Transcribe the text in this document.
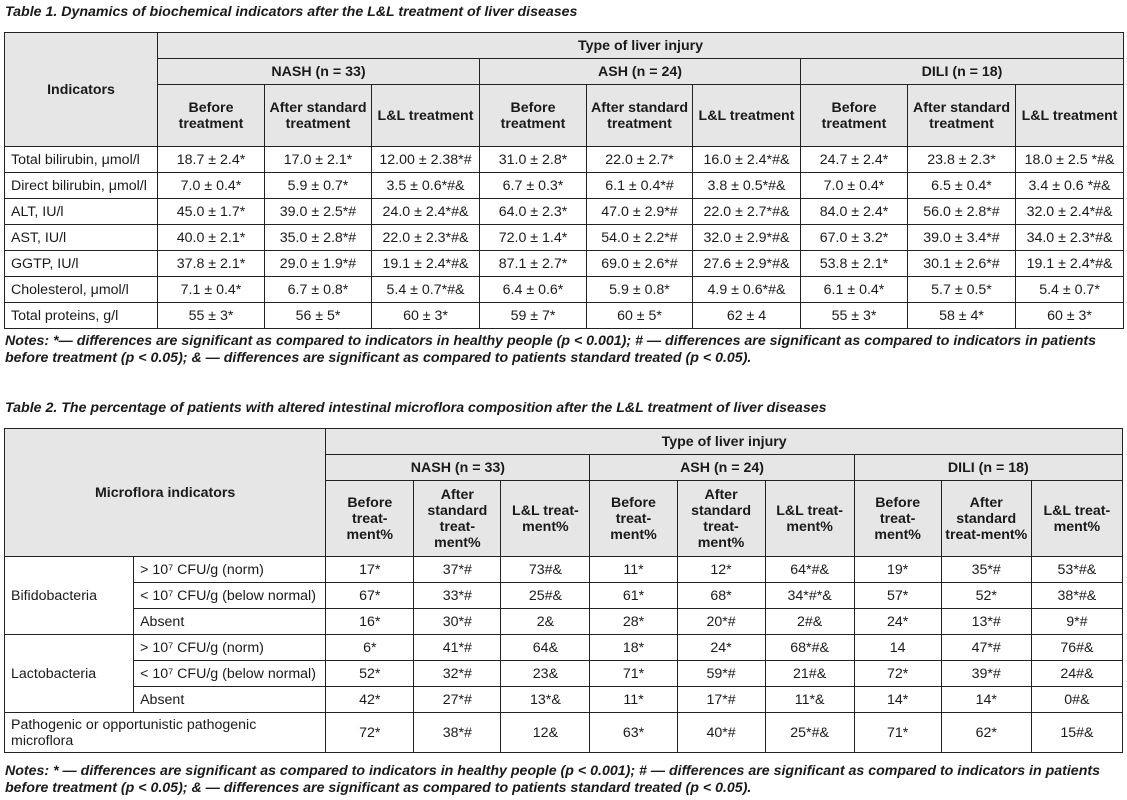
Table 1. Dynamics of biochemical indicators after the L&L treatment of liver diseases
Indicators	Type of liver injury								
	NASH (n = 33)			ASH (n = 24)			DILI (n = 18)		
	Before treatment	After standard treatment	L&L treatment	Before treatment	After standard treatment	L&L treatment	Before treatment	After standard treatment	L&L treatment
Total bilirubin, μmol/l	18.7 ± 2.4*	17.0 ± 2.1*	12.00 ± 2.38*#	31.0 ± 2.8*	22.0 ± 2.7*	16.0 ± 2.4*#&	24.7 ± 2.4*	23.8 ± 2.3*	18.0 ± 2.5 *#&
Direct bilirubin, μmol/l	7.0 ± 0.4*	5.9 ± 0.7*	3.5 ± 0.6*#&	6.7 ± 0.3*	6.1 ± 0.4*#	3.8 ± 0.5*#&	7.0 ± 0.4*	6.5 ± 0.4*	3.4 ± 0.6 *#&
ALT, IU/l	45.0 ± 1.7*	39.0 ± 2.5*#	24.0 ± 2.4*#&	64.0 ± 2.3*	47.0 ± 2.9*#	22.0 ± 2.7*#&	84.0 ± 2.4*	56.0 ± 2.8*#	32.0 ± 2.4*#&
AST, IU/l	40.0 ± 2.1*	35.0 ± 2.8*#	22.0 ± 2.3*#&	72.0 ± 1.4*	54.0 ± 2.2*#	32.0 ± 2.9*#&	67.0 ± 3.2*	39.0 ± 3.4*#	34.0 ± 2.3*#&
GGTP, IU/l	37.8 ± 2.1*	29.0 ± 1.9*#	19.1 ± 2.4*#&	87.1 ± 2.7*	69.0 ± 2.6*#	27.6 ± 2.9*#&	53.8 ± 2.1*	30.1 ± 2.6*#	19.1 ± 2.4*#&
Cholesterol, μmol/l	7.1 ± 0.4*	6.7 ± 0.8*	5.4 ± 0.7*#&	6.4 ± 0.6*	5.9 ± 0.8*	4.9 ± 0.6*#&	6.1 ± 0.4*	5.7 ± 0.5*	5.4 ± 0.7*
Total proteins, g/l	55 ± 3*	56 ± 5*	60 ± 3*	59 ± 7*	60 ± 5*	62 ± 4	55 ± 3*	58 ± 4*	60 ± 3*
Notes: *— differences are significant as compared to indicators in healthy people (p < 0.001); # — differences are significant as compared to indicators in patients before treatment (p < 0.05); & — differences are significant as compared to patients standard treated (p < 0.05).
Table 2. The percentage of patients with altered intestinal microflora composition after the L&L treatment of liver diseases
Microflora indicators		Type of liver injury								
		NASH (n = 33)			ASH (n = 24)			DILI (n = 18)		
		Before treat-ment%	After standard treat-ment%	L&L treat-ment%	Before treat-ment%	After standard treat-ment%	L&L treat-ment%	Before treat-ment%	After standard treat-ment%	L&L treat-ment%
Bifidobacteria	> 10⁷ CFU/g (norm)	17*	37*#	73#&	11*	12*	64*#&	19*	35*#	53*#&
	< 10⁷ CFU/g (below normal)	67*	33*#	25#&	61*	68*	34*#*&	57*	52*	38*#&
	Absent	16*	30*#	2&	28*	20*#	2#&	24*	13*#	9*#
Lactobacteria	> 10⁷ CFU/g (norm)	6*	41*#	64&	18*	24*	68*#&	14	47*#	76#&
	< 10⁷ CFU/g (below normal)	52*	32*#	23&	71*	59*#	21#&	72*	39*#	24#&
	Absent	42*	27*#	13*&	11*	17*#	11*&	14*	14*	0#&
Pathogenic or opportunistic pathogenic microflora		72*	38*#	12&	63*	40*#	25*#&	71*	62*	15#&
Notes: * — differences are significant as compared to indicators in healthy people (p < 0.001); # — differences are significant as compared to indicators in patients before treatment (p < 0.05); & — differences are significant as compared to patients standard treated (p < 0.05).
